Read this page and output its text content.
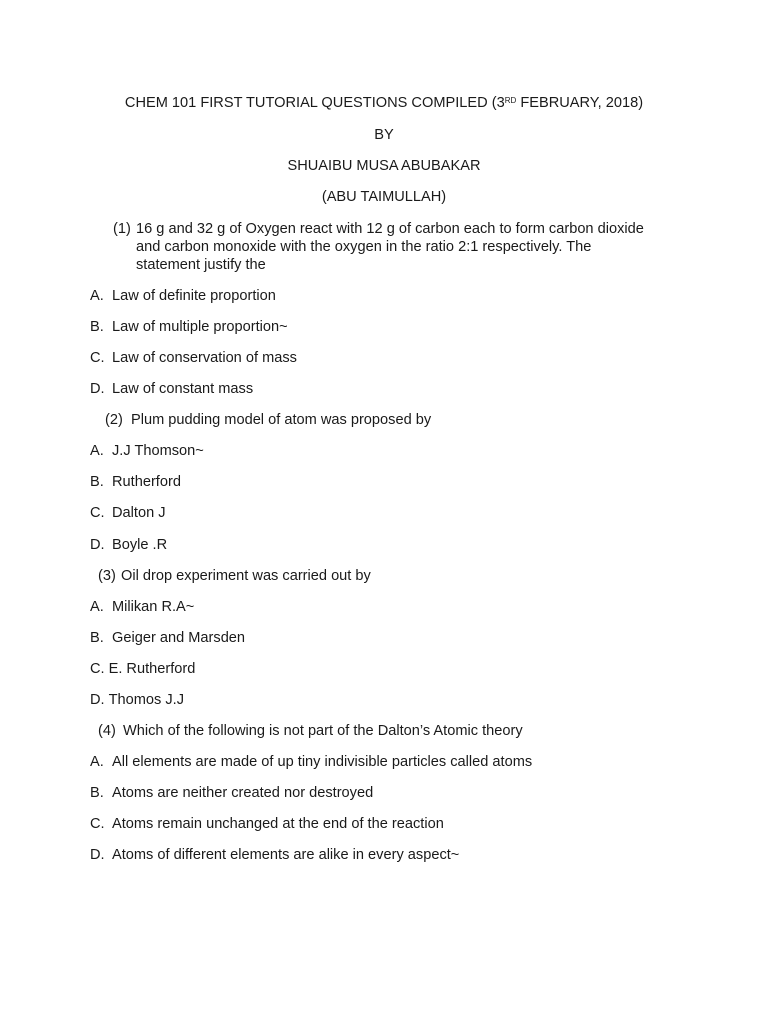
CHEM 101 FIRST TUTORIAL QUESTIONS COMPILED (3RD FEBRUARY, 2018)
BY
SHUAIBU MUSA ABUBAKAR
(ABU TAIMULLAH)
(1) 16 g and 32 g of Oxygen react with 12 g of carbon each to form carbon dioxide
and carbon monoxide with the oxygen in the ratio 2:1 respectively. The
statement justify the
A. Law of definite proportion
B. Law of multiple proportion~
C. Law of conservation of mass
D. Law of constant mass
(2) Plum pudding model of atom was proposed by
A. J.J Thomson~
B. Rutherford
C. Dalton J
D. Boyle .R
(3) Oil drop experiment was carried out by
A. Milikan R.A~
B. Geiger and Marsden
C. E. Rutherford
D. Thomos J.J
(4) Which of the following is not part of the Dalton’s Atomic theory
A. All elements are made of up tiny indivisible particles called atoms
B. Atoms are neither created nor destroyed
C. Atoms remain unchanged at the end of the reaction
D. Atoms of different elements are alike in every aspect~
